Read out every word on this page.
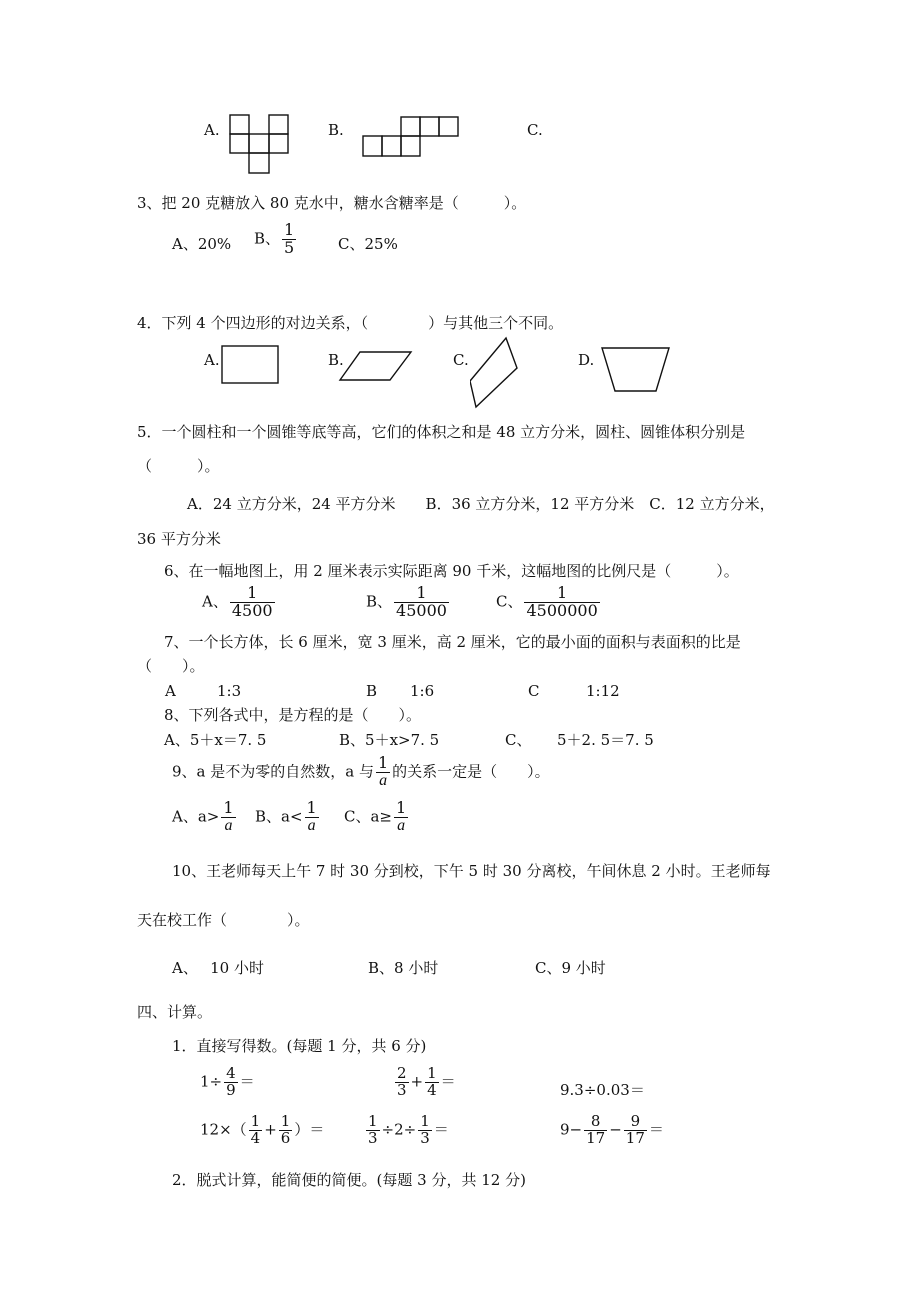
A.	B.	C.
3、把 20 克糖放入 80 克水中，糖水含糖率是（　　　）。
A、20% B、 $\frac{1}{5}$	C、25%
4．下列 4 个四边形的对边关系，（　　　　）与其他三个不同。
A.	B.	C.	D.
5．一个圆柱和一个圆锥等底等高，它们的体积之和是 48 立方分米，圆柱、圆锥体积分别是
（　　　）。
A．24 立方分米，24 平方分米　　B．36 立方分米，12 平方分米　C．12 立方分米，
36 平方分米
6、在一幅地图上，用 2 厘米表示实际距离 90 千米，这幅地图的比例尺是（　　　）。
A、 $\frac{1}{4500}$	B、 $\frac{1}{45000}$	C、 $\frac{1}{4500000}$
7、一个长方体，长 6 厘米，宽 3 厘米，高 2 厘米，它的最小面的面积与表面积的比是
（　　）。
A	1:3	B 1:6	C	1:12
8、下列各式中，是方程的是（　　）。
A、5＋x＝7. 5	B、5＋x>7. 5	C、 5＋2. 5＝7. 5
9、a 是不为零的自然数，a 与 $\frac{1}{a}$ 的关系一定是（　　）。
A、$a> \frac{1}{a}$ B、$a< \frac{1}{a}$ C、$a\ge \frac{1}{a}$
10、王老师每天上午 7 时 30 分到校，下午 5 时 30 分离校，午间休息 2 小时。王老师每
天在校工作（　　　　）。
A、　 10 小时	B、8 小时	C、9 小时
四、计算。
1．直接写得数。(每题 1 分，共 6 分)
$1\div \frac{4}{9}$ ＝	$\frac{2}{3} + \frac{1}{4}$ ＝	9.3÷0.03＝
$12\times( \frac{1}{4} + \frac{1}{6}$ ）＝	$\frac{1}{3} \div 2\div \frac{1}{3}$ ＝	$9- \frac{8}{17} - \frac{9}{17}$ ＝
2．脱式计算，能简便的简便。(每题 3 分，共 12 分)
